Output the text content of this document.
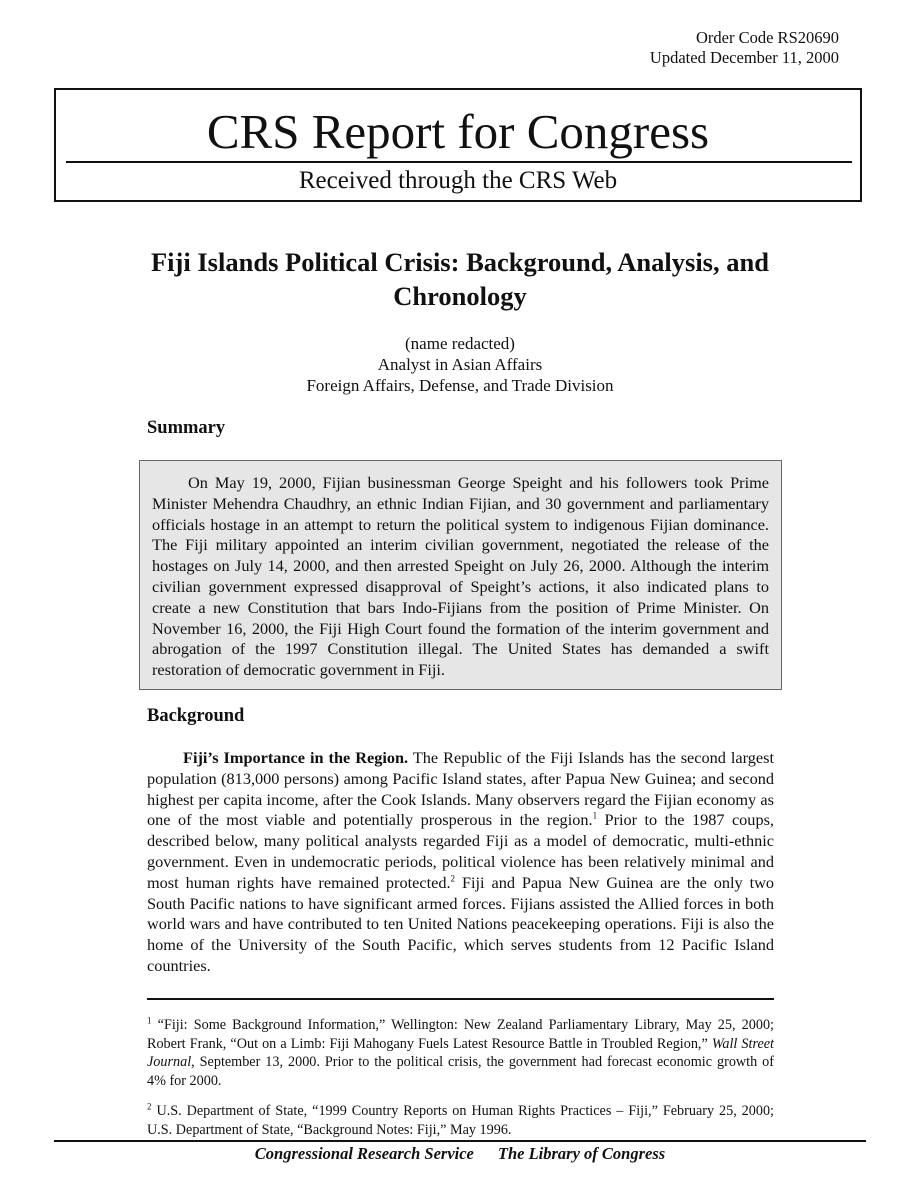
Order Code RS20690
Updated December 11, 2000
CRS Report for Congress
Received through the CRS Web
Fiji Islands Political Crisis: Background, Analysis, and Chronology
(name redacted)
Analyst in Asian Affairs
Foreign Affairs, Defense, and Trade Division
Summary

On May 19, 2000, Fijian businessman George Speight and his followers took Prime Minister Mehendra Chaudhry, an ethnic Indian Fijian, and 30 government and parliamentary officials hostage in an attempt to return the political system to indigenous Fijian dominance. The Fiji military appointed an interim civilian government, negotiated the release of the hostages on July 14, 2000, and then arrested Speight on July 26, 2000. Although the interim civilian government expressed disapproval of Speight’s actions, it also indicated plans to create a new Constitution that bars Indo-Fijians from the position of Prime Minister. On November 16, 2000, the Fiji High Court found the formation of the interim government and abrogation of the 1997 Constitution illegal. The United States has demanded a swift restoration of democratic government in Fiji.

Background

Fiji’s Importance in the Region. The Republic of the Fiji Islands has the second largest population (813,000 persons) among Pacific Island states, after Papua New Guinea; and second highest per capita income, after the Cook Islands. Many observers regard the Fijian economy as one of the most viable and potentially prosperous in the region.$^1$ Prior to the 1987 coups, described below, many political analysts regarded Fiji as a model of democratic, multi-ethnic government. Even in undemocratic periods, political violence has been relatively minimal and most human rights have remained protected.$^2$ Fiji and Papua New Guinea are the only two South Pacific nations to have significant armed forces. Fijians assisted the Allied forces in both world wars and have contributed to ten United Nations peacekeeping operations. Fiji is also the home of the University of the South Pacific, which serves students from 12 Pacific Island countries.

$^1$ “Fiji: Some Background Information,” Wellington: New Zealand Parliamentary Library, May 25, 2000; Robert Frank, “Out on a Limb: Fiji Mahogany Fuels Latest Resource Battle in Troubled Region,” Wall Street Journal, September 13, 2000. Prior to the political crisis, the government had forecast economic growth of 4% for 2000.
$^2$ U.S. Department of State, “1999 Country Reports on Human Rights Practices – Fiji,” February 25, 2000; U.S. Department of State, “Background Notes: Fiji,” May 1996.
Congressional Research Service The Library of Congress
